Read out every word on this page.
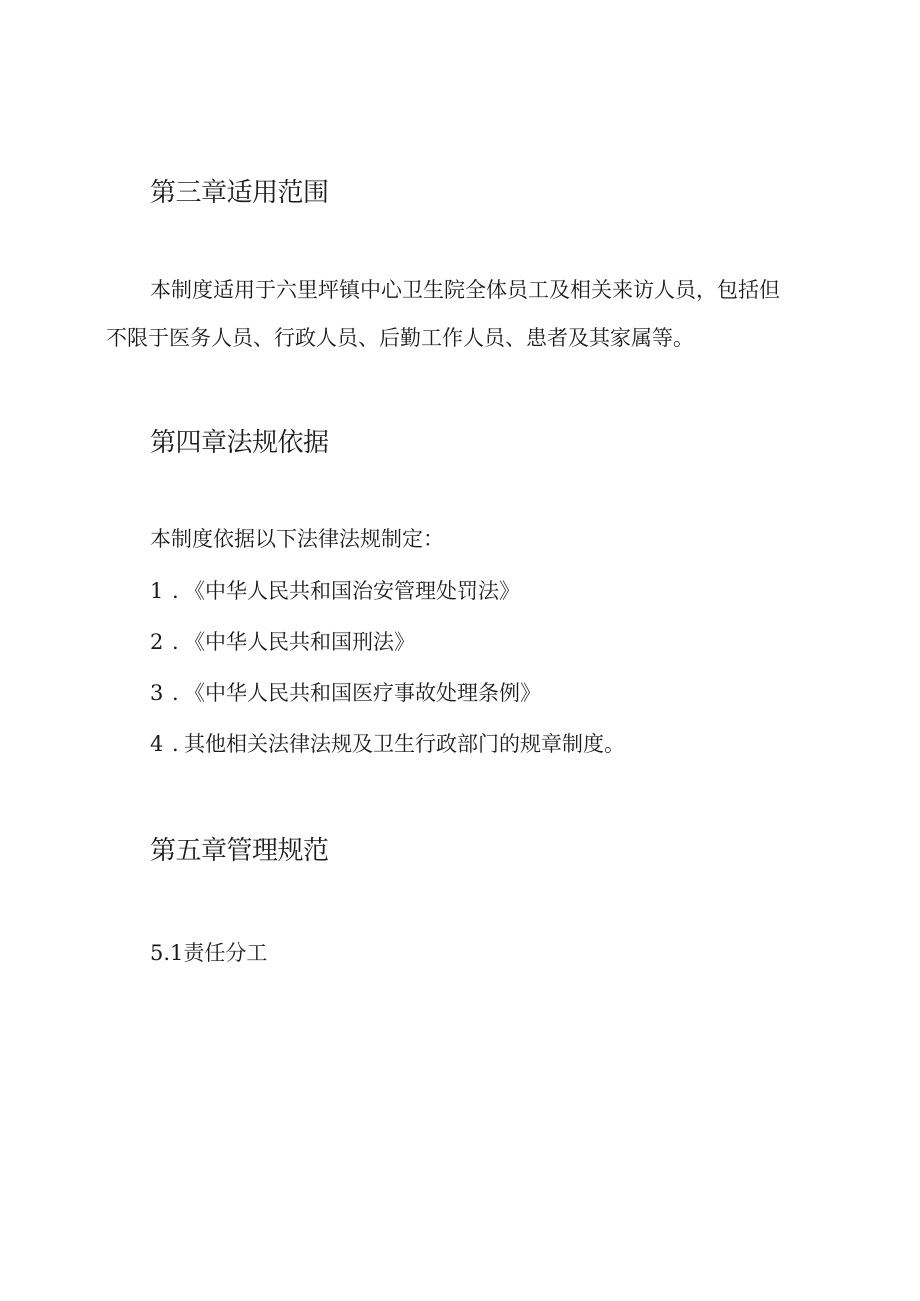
第三章适用范围
本制度适用于六里坪镇中心卫生院全体员工及相关来访人员，包括但
不限于医务人员、行政人员、后勤工作人员、患者及其家属等。
第四章法规依据
本制度依据以下法律法规制定：
1 . 《中华人民共和国治安管理处罚法》
2 . 《中华人民共和国刑法》
3 . 《中华人民共和国医疗事故处理条例》
4 . 其他相关法律法规及卫生行政部门的规章制度。
第五章管理规范
5.1责任分工
